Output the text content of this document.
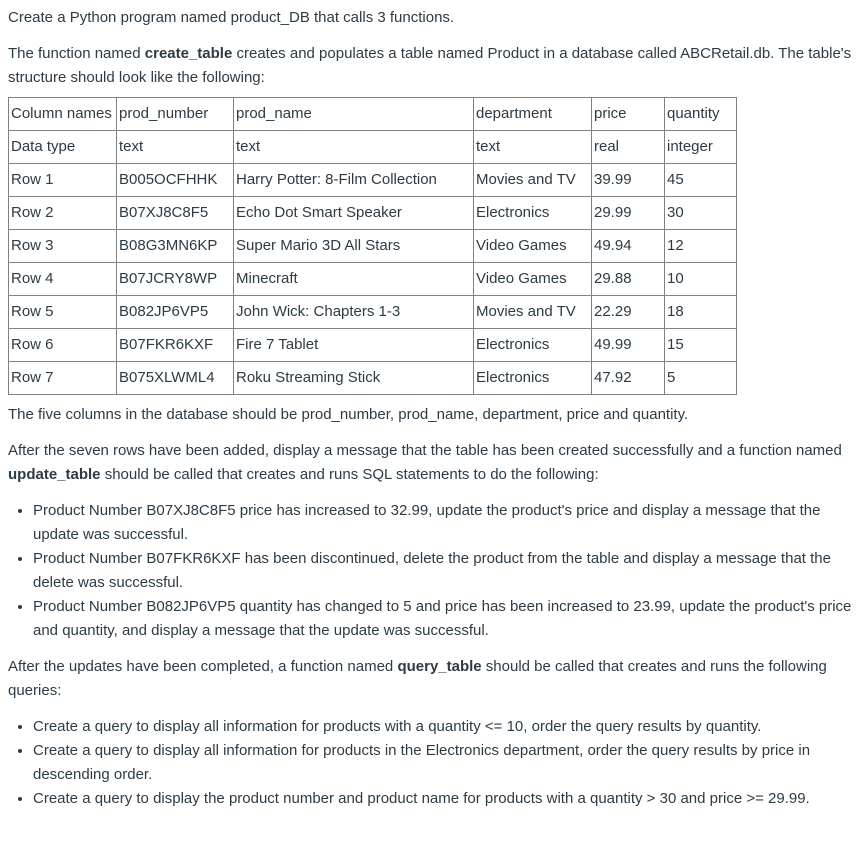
Create a Python program named product_DB that calls 3 functions.

The function named create_table creates and populates a table named Product in a database called ABCRetail.db. The table's structure should look like the following:

Column names	prod_number	prod_name	department	price	quantity
Data type	text	text	text	real	integer
Row 1	B005OCFHHK	Harry Potter: 8-Film Collection	Movies and TV	39.99	45
Row 2	B07XJ8C8F5	Echo Dot Smart Speaker	Electronics	29.99	30
Row 3	B08G3MN6KP	Super Mario 3D All Stars	Video Games	49.94	12
Row 4	B07JCRY8WP	Minecraft	Video Games	29.88	10
Row 5	B082JP6VP5	John Wick: Chapters 1-3	Movies and TV	22.29	18
Row 6	B07FKR6KXF	Fire 7 Tablet	Electronics	49.99	15
Row 7	B075XLWML4	Roku Streaming Stick	Electronics	47.92	5

The five columns in the database should be prod_number, prod_name, department, price and quantity.

After the seven rows have been added, display a message that the table has been created successfully and a function named update_table should be called that creates and runs SQL statements to do the following:

• Product Number B07XJ8C8F5 price has increased to 32.99, update the product's price and display a message that the update was successful.
• Product Number B07FKR6KXF has been discontinued, delete the product from the table and display a message that the delete was successful.
• Product Number B082JP6VP5 quantity has changed to 5 and price has been increased to 23.99, update the product's price and quantity, and display a message that the update was successful.

After the updates have been completed, a function named query_table should be called that creates and runs the following queries:

• Create a query to display all information for products with a quantity <= 10, order the query results by quantity.
• Create a query to display all information for products in the Electronics department, order the query results by price in descending order.
• Create a query to display the product number and product name for products with a quantity > 30 and price >= 29.99.
